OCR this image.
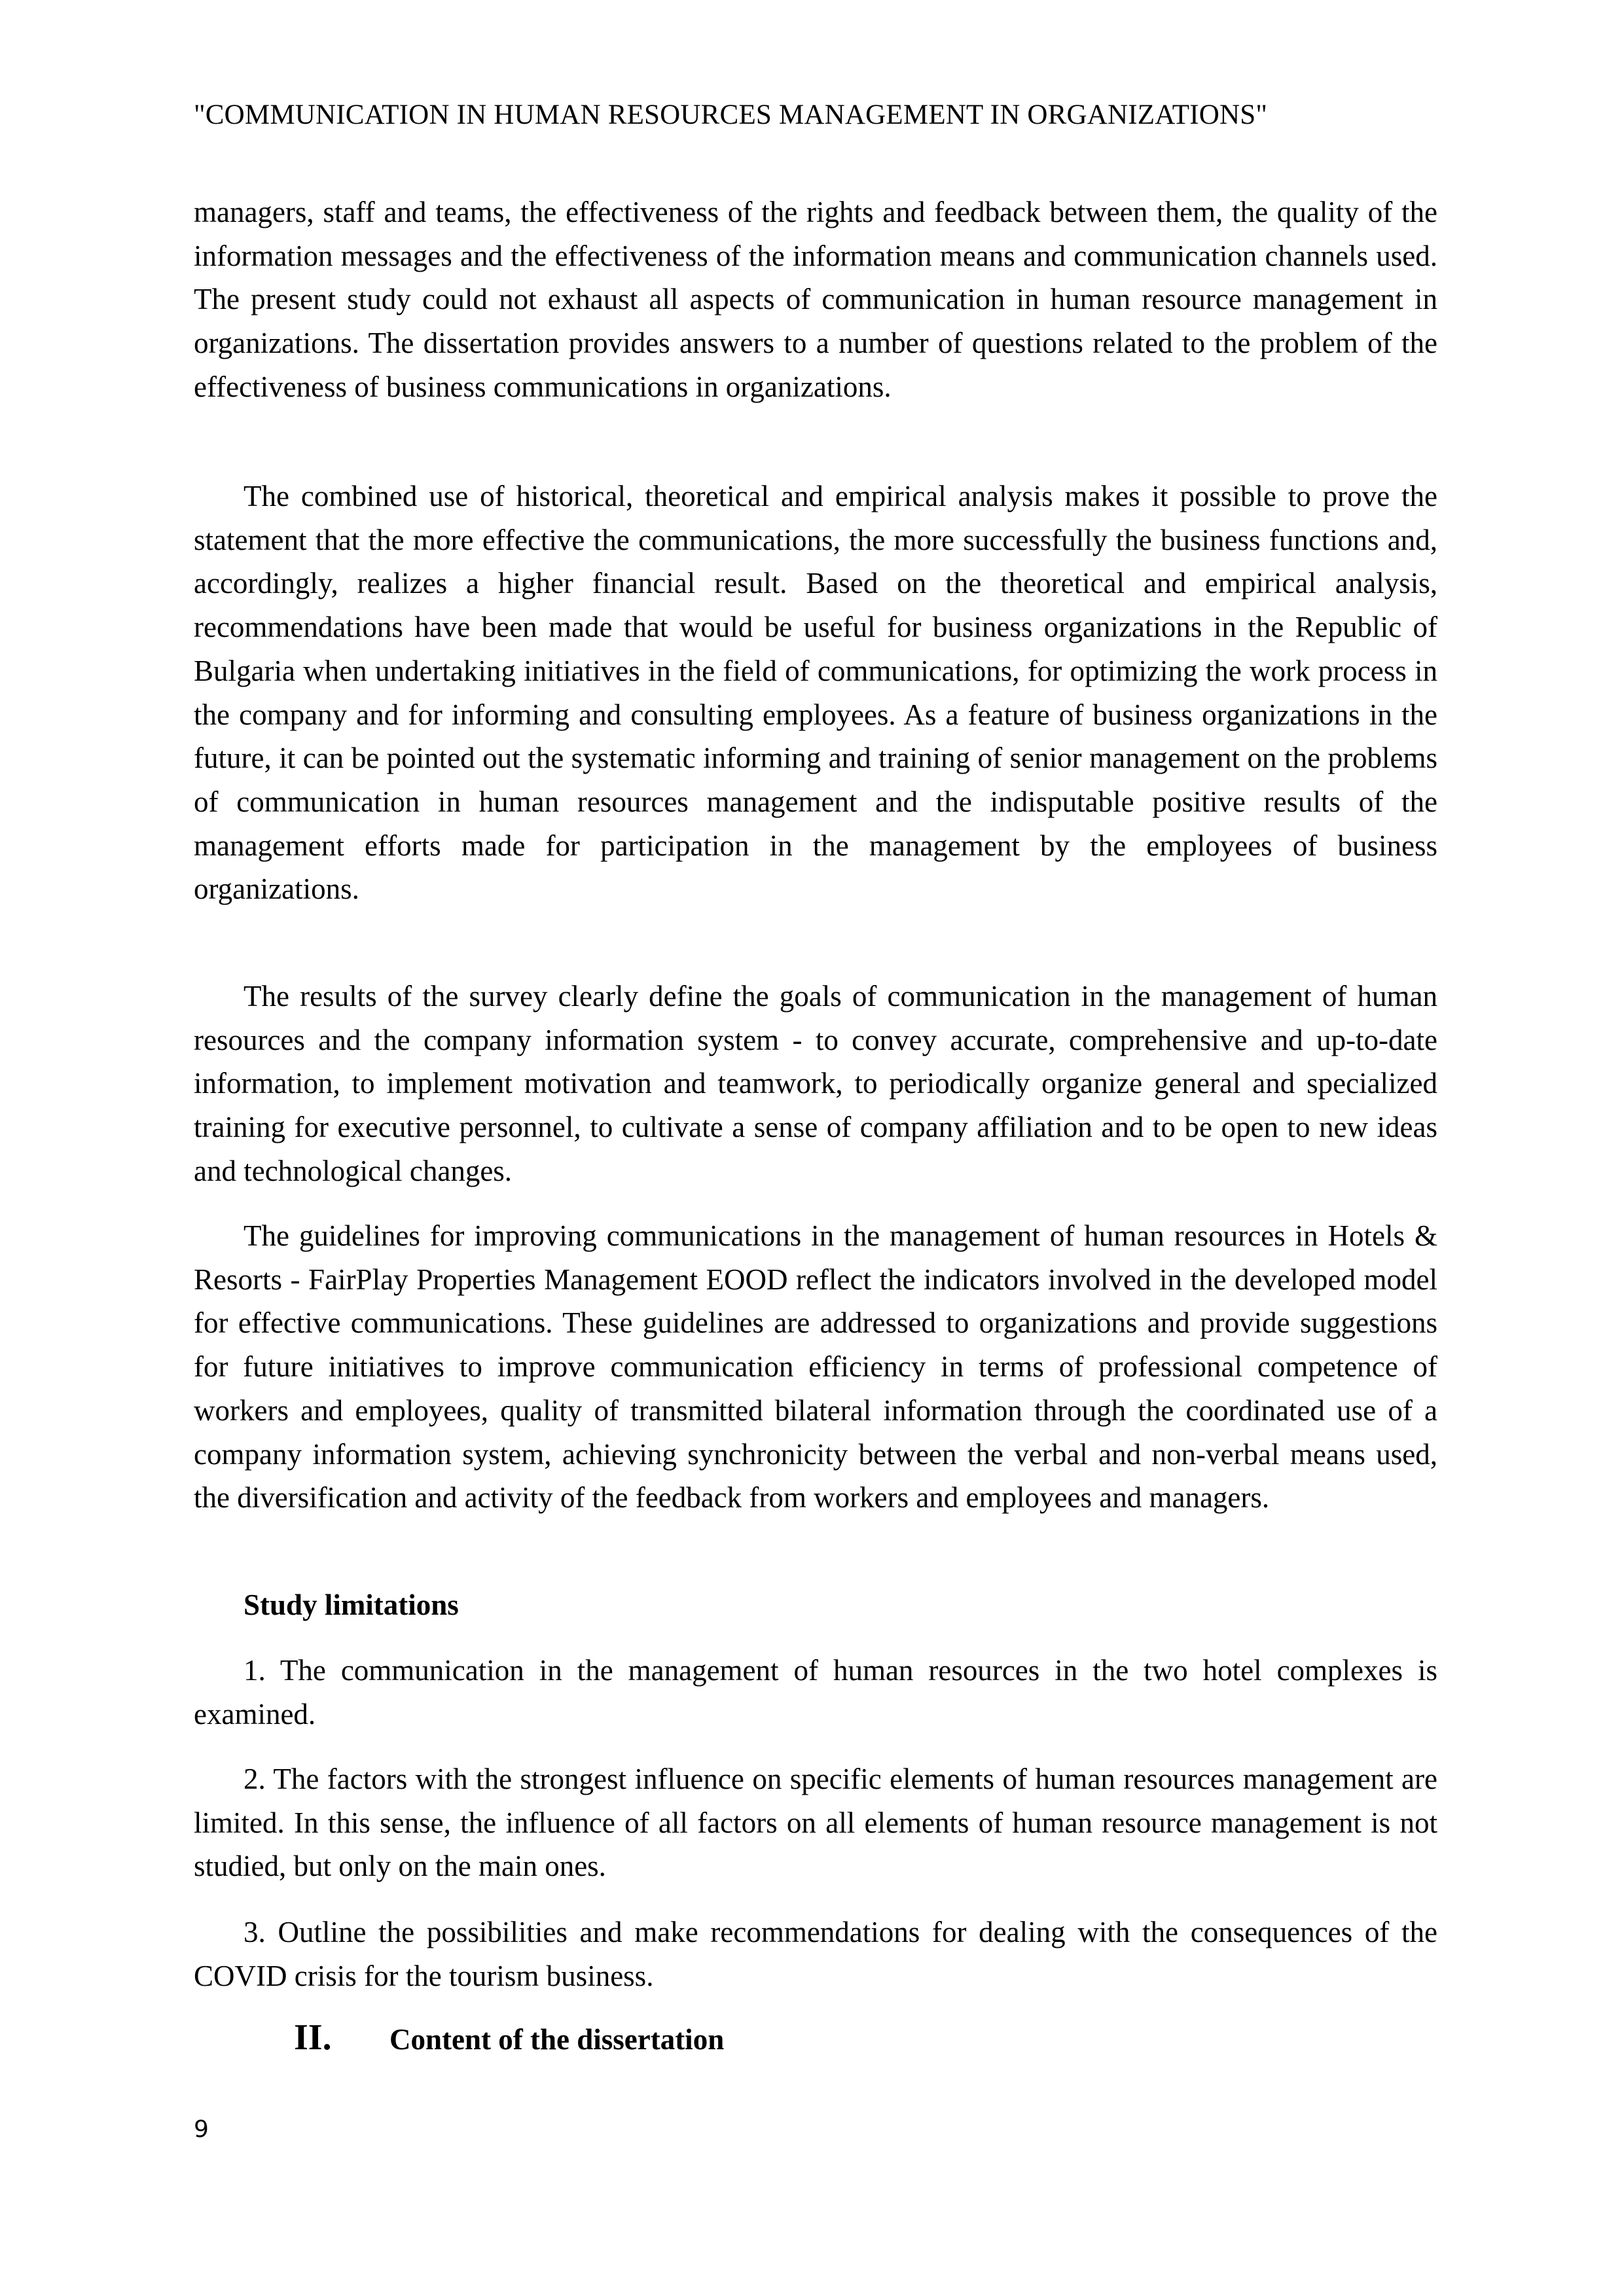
"COMMUNICATION IN HUMAN RESOURCES MANAGEMENT IN ORGANIZATIONS"

managers, staff and teams, the effectiveness of the rights and feedback between them, the quality of the information messages and the effectiveness of the information means and communication channels used. The present study could not exhaust all aspects of communication in human resource management in organizations. The dissertation provides answers to a number of questions related to the problem of the effectiveness of business communications in organizations.

The combined use of historical, theoretical and empirical analysis makes it possible to prove the statement that the more effective the communications, the more successfully the business functions and, accordingly, realizes a higher financial result. Based on the theoretical and empirical analysis, recommendations have been made that would be useful for business organizations in the Republic of Bulgaria when undertaking initiatives in the field of communications, for optimizing the work process in the company and for informing and consulting employees. As a feature of business organizations in the future, it can be pointed out the systematic informing and training of senior management on the problems of communication in human resources management and the indisputable positive results of the management efforts made for participation in the management by the employees of business organizations.

The results of the survey clearly define the goals of communication in the management of human resources and the company information system - to convey accurate, comprehensive and up-to-date information, to implement motivation and teamwork, to periodically organize general and specialized training for executive personnel, to cultivate a sense of company affiliation and to be open to new ideas and technological changes.

The guidelines for improving communications in the management of human resources in Hotels & Resorts - FairPlay Properties Management EOOD reflect the indicators involved in the developed model for effective communications. These guidelines are addressed to organizations and provide suggestions for future initiatives to improve communication efficiency in terms of professional competence of workers and employees, quality of transmitted bilateral information through the coordinated use of a company information system, achieving synchronicity between the verbal and non-verbal means used, the diversification and activity of the feedback from workers and employees and managers.

Study limitations

1. The communication in the management of human resources in the two hotel complexes is examined.

2. The factors with the strongest influence on specific elements of human resources management are limited. In this sense, the influence of all factors on all elements of human resource management is not studied, but only on the main ones.

3. Outline the possibilities and make recommendations for dealing with the consequences of the COVID crisis for the tourism business.

II. Content of the dissertation
9
